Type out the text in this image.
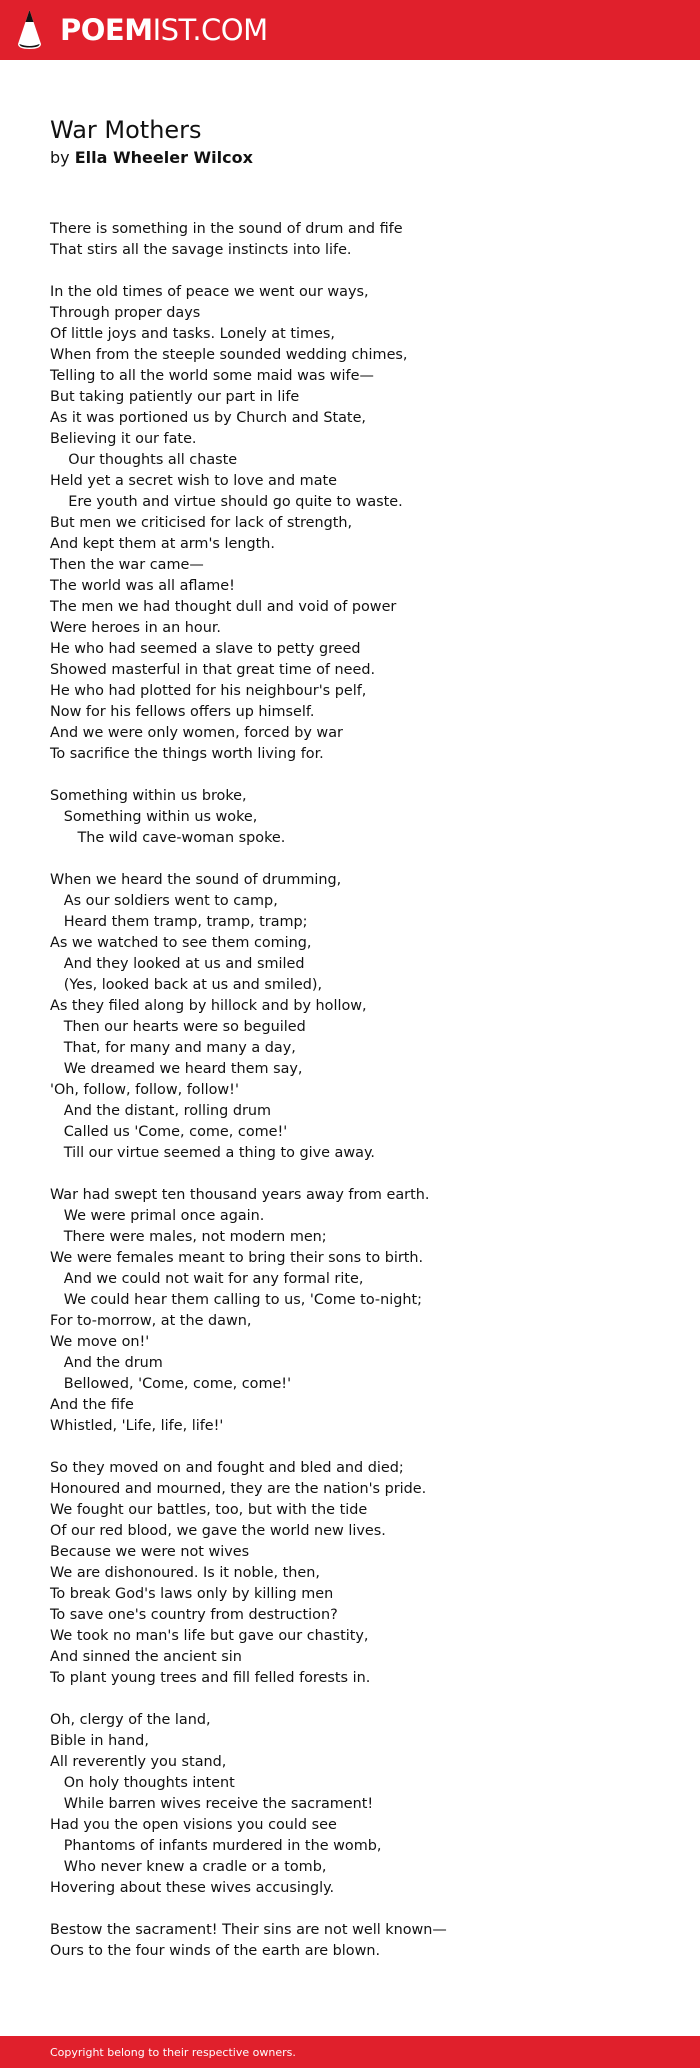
POEMIST.COM
War Mothers
by Ella Wheeler Wilcox
There is something in the sound of drum and fife
That stirs all the savage instincts into life.
In the old times of peace we went our ways,
Through proper days
Of little joys and tasks. Lonely at times,
When from the steeple sounded wedding chimes,
Telling to all the world some maid was wife—
But taking patiently our part in life
As it was portioned us by Church and State,
Believing it our fate.
Our thoughts all chaste
Held yet a secret wish to love and mate
Ere youth and virtue should go quite to waste.
But men we criticised for lack of strength,
And kept them at arm's length.
Then the war came—
The world was all aflame!
The men we had thought dull and void of power
Were heroes in an hour.
He who had seemed a slave to petty greed
Showed masterful in that great time of need.
He who had plotted for his neighbour's pelf,
Now for his fellows offers up himself.
And we were only women, forced by war
To sacrifice the things worth living for.
Something within us broke,
Something within us woke,
The wild cave-woman spoke.
When we heard the sound of drumming,
As our soldiers went to camp,
Heard them tramp, tramp, tramp;
As we watched to see them coming,
And they looked at us and smiled
(Yes, looked back at us and smiled),
As they filed along by hillock and by hollow,
Then our hearts were so beguiled
That, for many and many a day,
We dreamed we heard them say,
'Oh, follow, follow, follow!'
And the distant, rolling drum
Called us 'Come, come, come!'
Till our virtue seemed a thing to give away.
War had swept ten thousand years away from earth.
We were primal once again.
There were males, not modern men;
We were females meant to bring their sons to birth.
And we could not wait for any formal rite,
We could hear them calling to us, 'Come to-night;
For to-morrow, at the dawn,
We move on!'
And the drum
Bellowed, 'Come, come, come!'
And the fife
Whistled, 'Life, life, life!'
So they moved on and fought and bled and died;
Honoured and mourned, they are the nation's pride.
We fought our battles, too, but with the tide
Of our red blood, we gave the world new lives.
Because we were not wives
We are dishonoured. Is it noble, then,
To break God's laws only by killing men
To save one's country from destruction?
We took no man's life but gave our chastity,
And sinned the ancient sin
To plant young trees and fill felled forests in.
Oh, clergy of the land,
Bible in hand,
All reverently you stand,
On holy thoughts intent
While barren wives receive the sacrament!
Had you the open visions you could see
Phantoms of infants murdered in the womb,
Who never knew a cradle or a tomb,
Hovering about these wives accusingly.
Bestow the sacrament! Their sins are not well known—
Ours to the four winds of the earth are blown.
Copyright belong to their respective owners.
